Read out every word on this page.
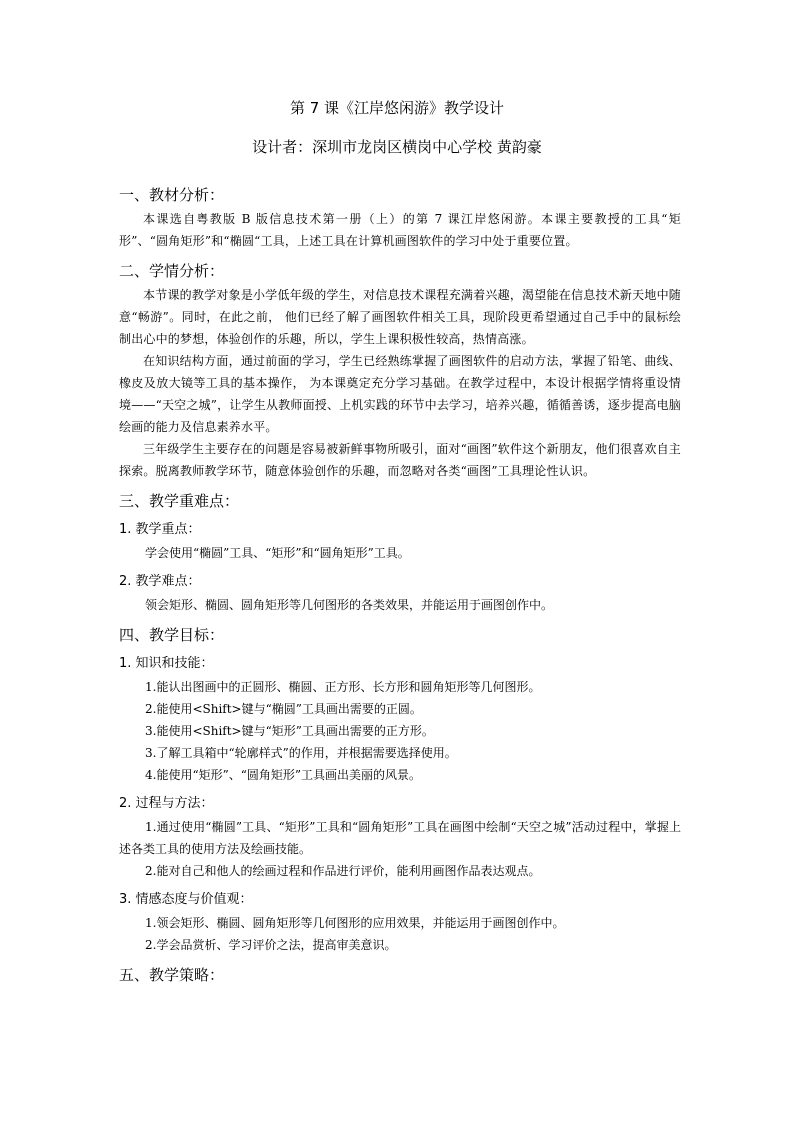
第 7 课《江岸悠闲游》教学设计
设计者：深圳市龙岗区横岗中心学校 黄韵豪
一、教材分析：

本课选自粤教版 B 版信息技术第一册（上）的第 7 课江岸悠闲游。本课主要教授的工具“矩形”、“圆角矩形”和“椭圆“工具，上述工具在计算机画图软件的学习中处于重要位置。

二、学情分析：

本节课的教学对象是小学低年级的学生，对信息技术课程充满着兴趣，渴望能在信息技术新天地中随意“畅游”。同时，在此之前， 他们已经了解了画图软件相关工具，现阶段更希望通过自己手中的鼠标绘制出心中的梦想，体验创作的乐趣，所以，学生上课积极性较高，热情高涨。

在知识结构方面，通过前面的学习，学生已经熟练掌握了画图软件的启动方法，掌握了铅笔、曲线、橡皮及放大镜等工具的基本操作， 为本课奠定充分学习基础。在教学过程中，本设计根据学情将重设情境——“天空之城”，让学生从教师面授、上机实践的环节中去学习，培养兴趣，循循善诱，逐步提高电脑绘画的能力及信息素养水平。

三年级学生主要存在的问题是容易被新鲜事物所吸引，面对“画图”软件这个新朋友，他们很喜欢自主探索。脱离教师教学环节，随意体验创作的乐趣，而忽略对各类“画图”工具理论性认识。

三、教学重难点：
1. 教学重点：

学会使用“椭圆”工具、“矩形”和“圆角矩形”工具。

2. 教学难点：

领会矩形、椭圆、圆角矩形等几何图形的各类效果，并能运用于画图创作中。

四、教学目标：
1. 知识和技能：

1.能认出图画中的正圆形、椭圆、正方形、长方形和圆角矩形等几何图形。

2.能使用<Shift>键与“椭圆”工具画出需要的正圆。

3.能使用<Shift>键与“矩形”工具画出需要的正方形。

3.了解工具箱中“轮廓样式”的作用，并根据需要选择使用。

4.能使用“矩形”、“圆角矩形”工具画出美丽的风景。

2. 过程与方法：

1.通过使用“椭圆”工具、“矩形”工具和“圆角矩形”工具在画图中绘制“天空之城”活动过程中，掌握上述各类工具的使用方法及绘画技能。

2.能对自己和他人的绘画过程和作品进行评价，能利用画图作品表达观点。

3. 情感态度与价值观：

1.领会矩形、椭圆、圆角矩形等几何图形的应用效果，并能运用于画图创作中。

2.学会品赏析、学习评价之法，提高审美意识。

五、教学策略：
